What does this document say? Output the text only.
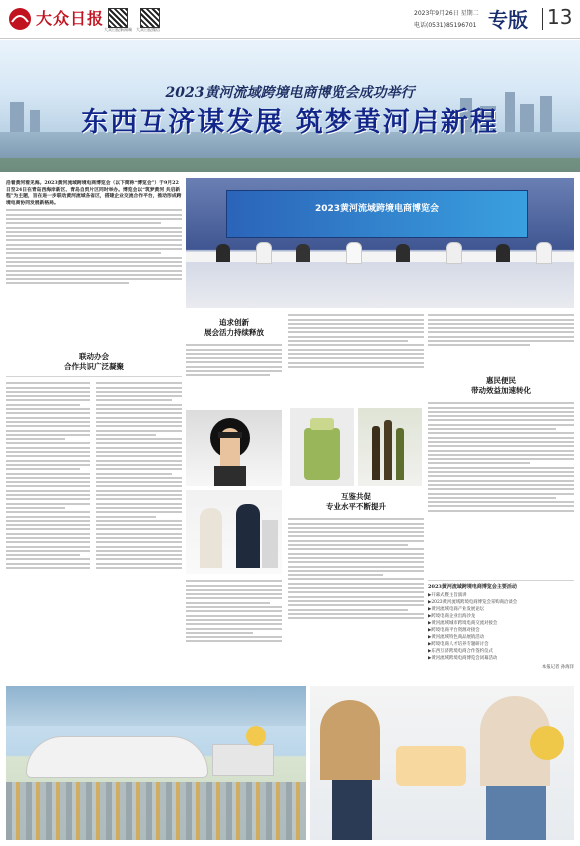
大众日报
大众日报新闻端 大众日报微信
2023年9月26日 星期二
电话(0531)85196701 专版 13
2023黄河流域跨境电商博览会成功举行
东西互济谋发展 筑梦黄河启新程
沿着黄河看见海。2023黄河流域跨境电商博览会（以下简称“博览会”）于9月22日至24日在青岛西海岸新区、青岛自贸片区同时举办。博览会以“筑梦黄河 共启新程”为主题，旨在进一步联动黄河流域各省区，搭建企业交流合作平台，推动形成跨境电商协同发展新格局。
2023黄河流域跨境电商博览会
联动办会
合作共识广泛凝聚
追求创新
展会活力持续释放
互鉴共促
专业水平不断提升
惠民便民
带动效益加速转化
2023黄河流域跨境电商博览会主要活动
▶开幕式暨主旨演讲
▶2023黄河流域跨境电商博览会采购商洽谈会
▶黄河流域电商产业发展论坛
▶跨境电商企业出海沙龙
▶黄河流域城市跨境电商交流对接会
▶跨境电商平台资源对接会
▶黄河流域特色商品展销活动
▶跨境电商人才培养专题研讨会
▶东西互济跨境电商合作签约仪式
▶黄河流域跨境电商博览会闭幕活动
本报记者 孙海洋
